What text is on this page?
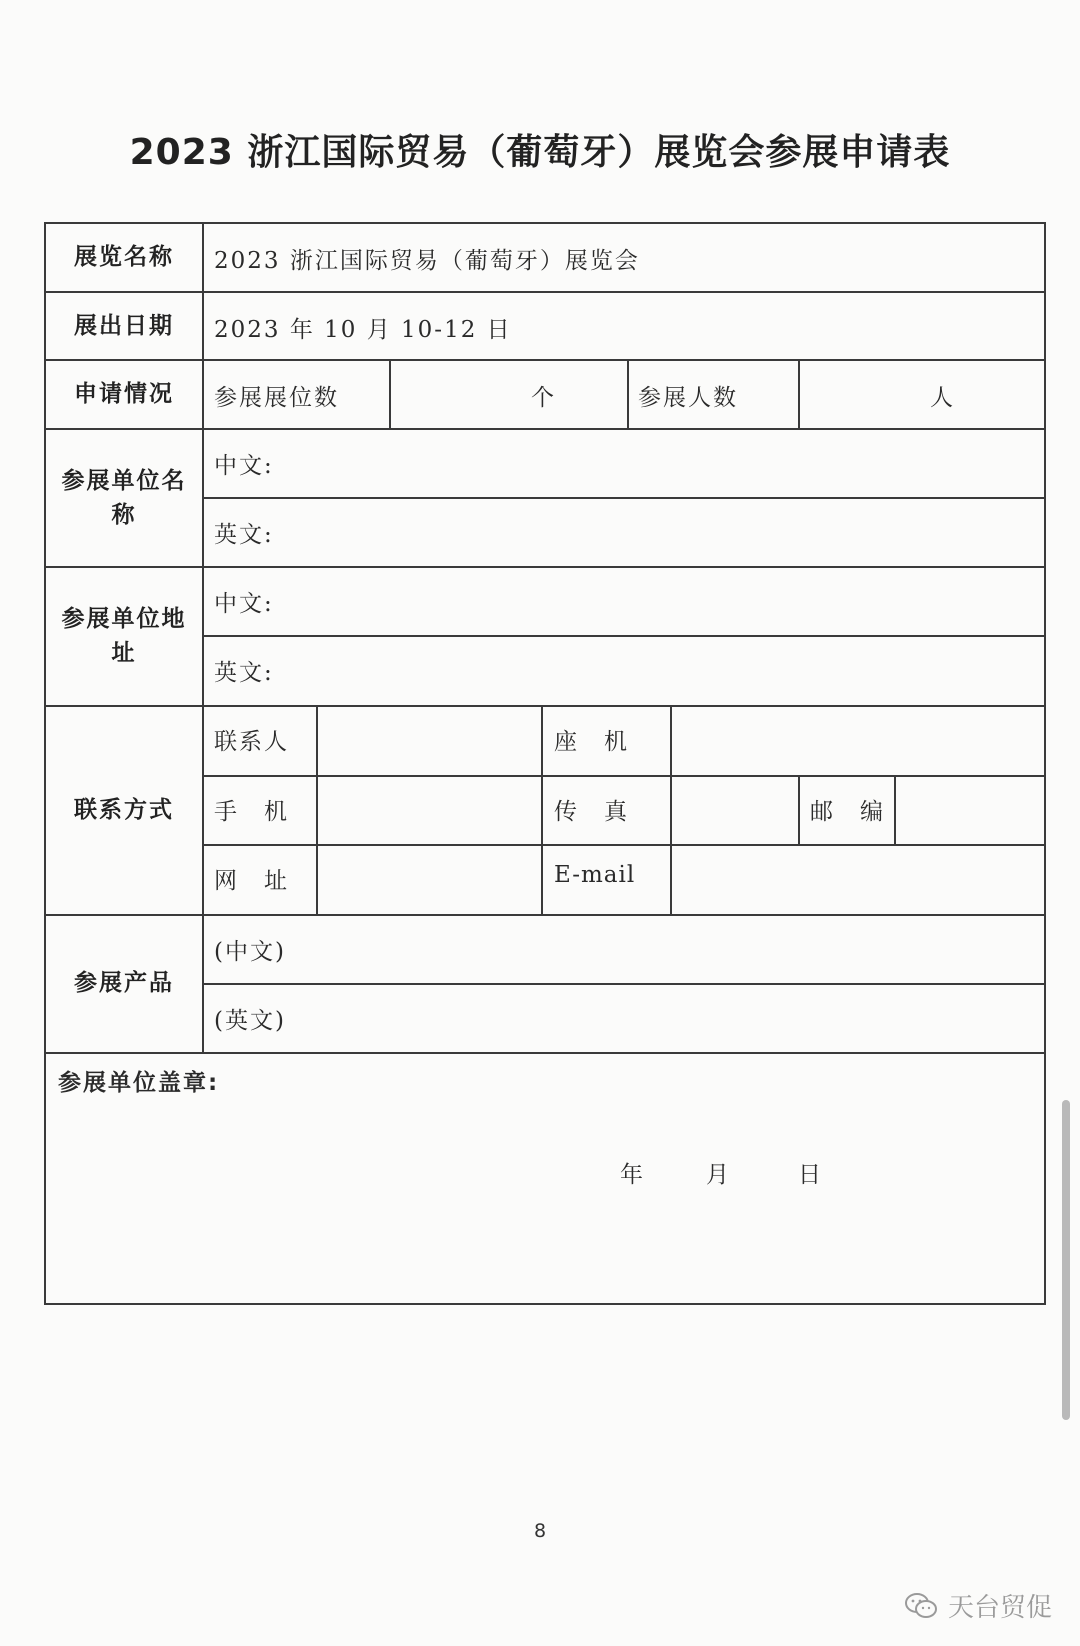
2023 浙江国际贸易（葡萄牙）展览会参展申请表
展览名称	2023 浙江国际贸易（葡萄牙）展览会
展出日期	2023 年 10 月 10-12 日
申请情况	参展展位数	个	参展人数	人
参展单位名
称
中文:
英文:
参展单位地
址
中文:
英文:
联系方式
联系人	座　机
手　机	传　真	邮　编
网　址	E-mail
参展产品
(中文)
(英文)
参展单位盖章:
年	月	日
8
天台贸促
